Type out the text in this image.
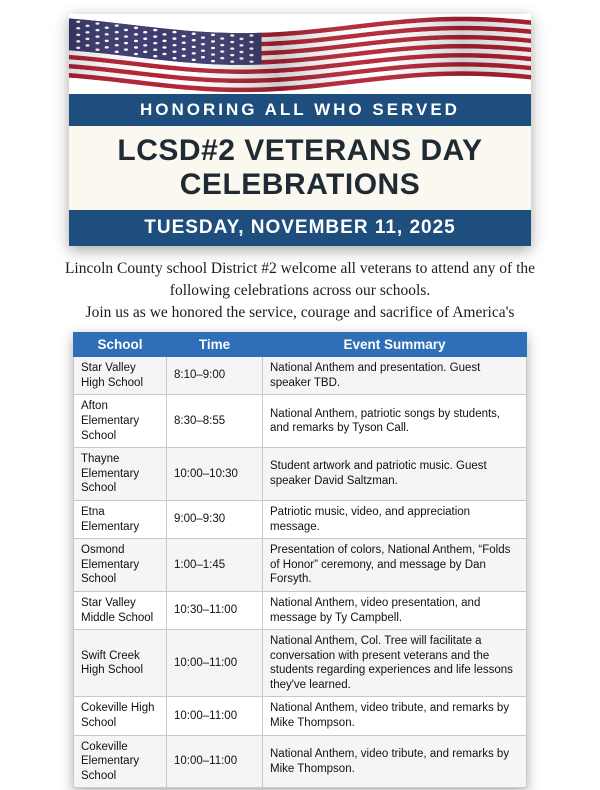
HONORING ALL WHO SERVED
LCSD#2 VETERANS DAY
CELEBRATIONS
TUESDAY, NOVEMBER 11, 2025

Lincoln County school District #2 welcome all veterans to attend any of the following celebrations across our schools.

Join us as we honored the service, courage and sacrifice of America's

School	Time	Event Summary
Star Valley High School	8:10–9:00	National Anthem and presentation. Guest speaker TBD.
Afton Elementary School	8:30–8:55	National Anthem, patriotic songs by students, and remarks by Tyson Call.
Thayne Elementary School	10:00–10:30	Student artwork and patriotic music. Guest speaker David Saltzman.
Etna Elementary	9:00–9:30	Patriotic music, video, and appreciation message.
Osmond Elementary School	1:00–1:45	Presentation of colors, National Anthem, “Folds of Honor” ceremony, and message by Dan Forsyth.
Star Valley Middle School	10:30–11:00	National Anthem, video presentation, and message by Ty Campbell.
Swift Creek High School	10:00–11:00	National Anthem, Col. Tree will facilitate a conversation with present veterans and the students regarding experiences and life lessons they've learned.
Cokeville High School	10:00–11:00	National Anthem, video tribute, and remarks by Mike Thompson.
Cokeville Elementary School	10:00–11:00	National Anthem, video tribute, and remarks by Mike Thompson.
